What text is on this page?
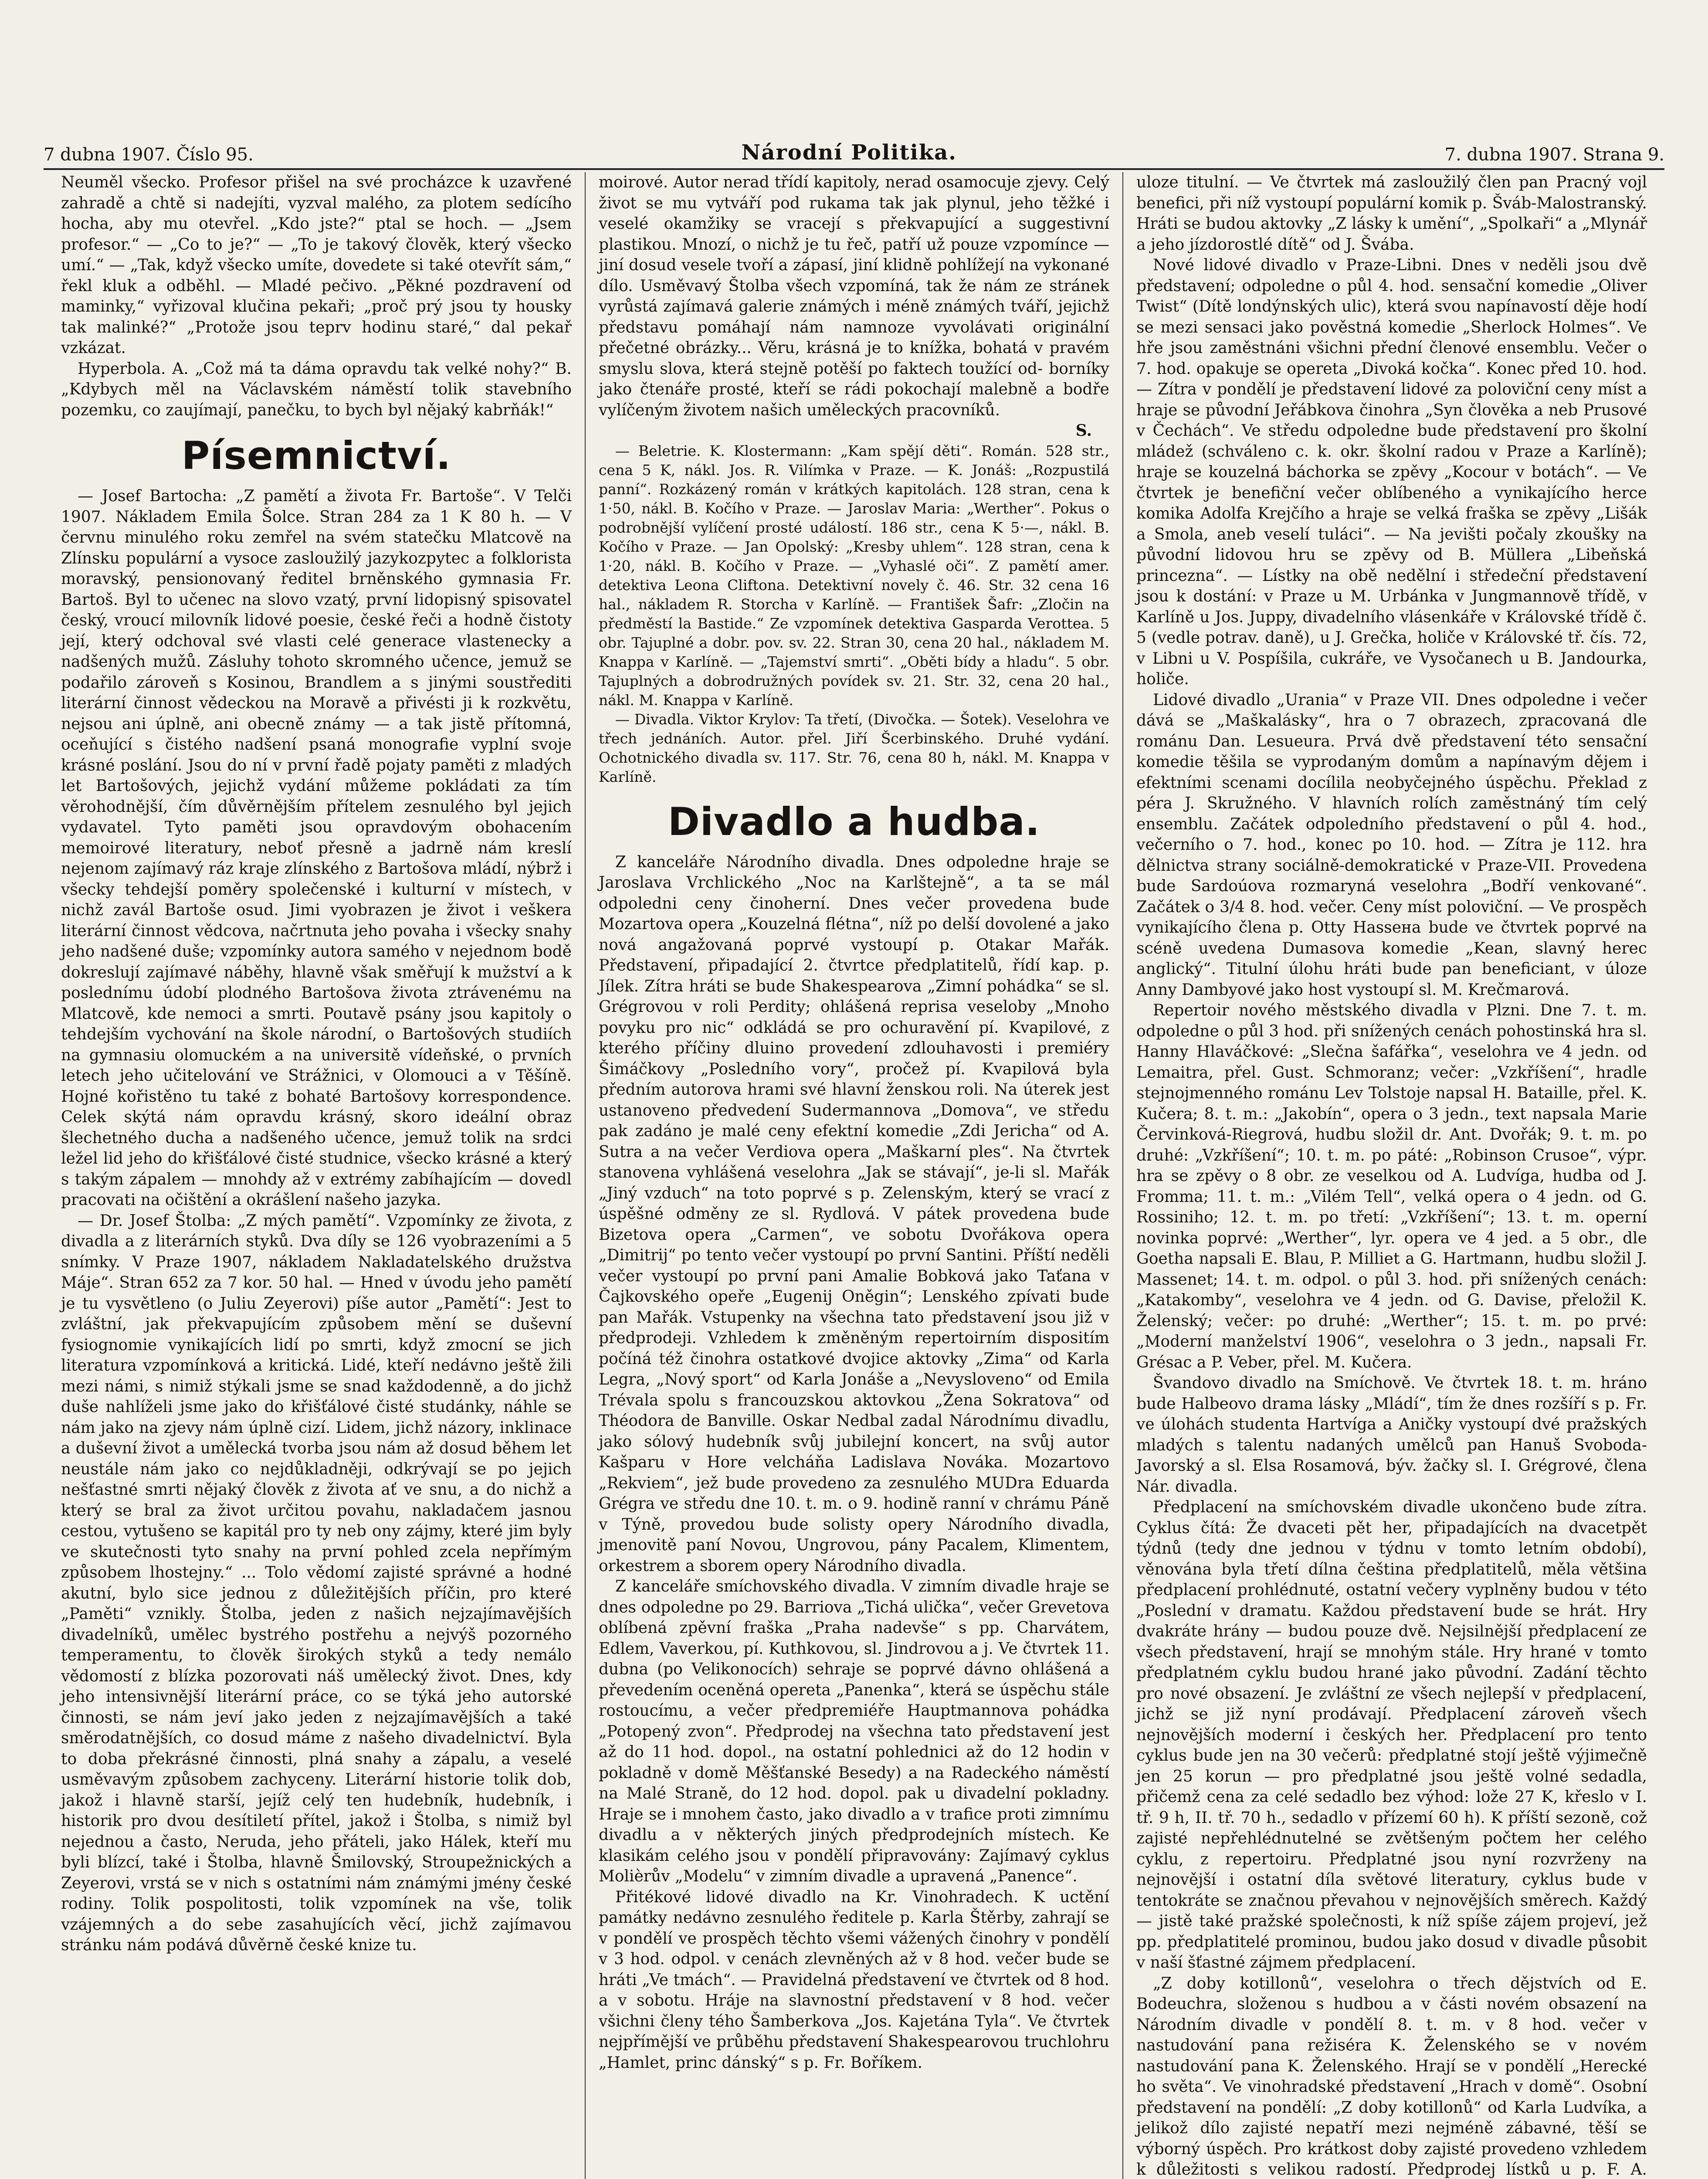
7 dubna 1907. Číslo 95.	Národní Politika.	7. dubna 1907. Strana 9.

Neuměl všecko. Profesor přišel na své procházce k uzavřené zahradě a chtě si nadejíti, vyzval malého, za plotem sedícího hocha, aby mu otevřel. „Kdo jste?“ ptal se hoch. — „Jsem profesor.“ — „Co to je?“ — „To je takový člověk, který všecko umí.“ — „Tak, když všecko umíte, dovedete si také otevřít sám,“ řekl kluk a odběhl. — Mladé pečivo. „Pěkné pozdravení od maminky,“ vyřizoval klučina pekaři; „proč prý jsou ty housky tak malinké?“ „Protože jsou teprv hodinu staré,“ dal pekař vzkázat.

Hyperbola. A. „Což má ta dáma opravdu tak velké nohy?“ B. „Kdybych měl na Václavském náměstí tolik stavebního pozemku, co zaujímají, panečku, to bych byl nějaký kabrňák!“

Písemnictví.

— Josef Bartocha: „Z pamětí a života Fr. Bartoše“. V Telči 1907. Nákladem Emila Šolce. Stran 284 za 1 K 80 h. — V červnu minulého roku zemřel na svém statečku Mlatcově na Zlínsku populární a vysoce zasloužilý jazykozpytec a folklorista moravský, pensionovaný ředitel brněnského gymnasia Fr. Bartoš. Byl to učenec na slovo vzatý, první lidopisný spisovatel český, vroucí milovník lidové poesie, české řeči a hodně čistoty její, který odchoval své vlasti celé generace vlastenecky a nadšených mužů. Zásluhy tohoto skromného učence, jemuž se podařilo zároveň s Kosinou, Brandlem a s jinými soustřediti literární činnost vědeckou na Moravě a přivésti ji k rozkvětu, nejsou ani úplně, ani obecně známy — a tak jistě přítomná, oceňující s čistého nadšení psaná monografie vyplní svoje krásné poslání. Jsou do ní v první řadě pojaty paměti z mladých let Bartošových, jejichž vydání můžeme pokládati za tím věrohodnější, čím důvěrnějším přítelem zesnulého byl jejich vydavatel. Tyto paměti jsou opravdovým obohacením memoirové literatury, neboť přesně a jadrně nám kreslí nejenom zajímavý ráz kraje zlínského z Bartošova mládí, nýbrž i všecky tehdejší poměry společenské i kulturní v místech, v nichž zavál Bartoše osud. Jimi vyobrazen je život i veškera literární činnost vědcova, načrtnuta jeho povaha i všecky snahy jeho nadšené duše; vzpomínky autora samého v nejednom bodě dokreslují zajímavé náběhy, hlavně však směřují k mužství a k poslednímu údobí plodného Bartošova života ztrávenému na Mlatcově, kde nemoci a smrti. Poutavě psány jsou kapitoly o tehdejším vychování na škole národní, o Bartošových studiích na gymnasiu olomuckém a na universitě vídeňské, o prvních letech jeho učitelování ve Strážnici, v Olomouci a v Těšíně. Hojné kořistěno tu také z bohaté Bartošovy korrespondence. Celek skýtá nám opravdu krásný, skoro ideální obraz šlechetného ducha a nadšeného učence, jemuž tolik na srdci ležel lid jeho do křišťálové čisté studnice, všecko krásné a který s takým zápalem — mnohdy až v extrémy zabíhajícím — dovedl pracovati na očištění a okrášlení našeho jazyka.

— Dr. Josef Štolba: „Z mých pamětí“. Vzpomínky ze života, z divadla a z literárních styků. Dva díly se 126 vyobrazeními a 5 snímky. V Praze 1907, nákladem Nakladatelského družstva Máje“. Stran 652 za 7 kor. 50 hal. — Hned v úvodu jeho pamětí je tu vysvětleno (o Juliu Zeyerovi) píše autor „Pamětí“: Jest to zvláštní, jak překvapujícím způsobem mění se duševní fysiognomie vynikajících lidí po smrti, když zmocní se jich literatura vzpomínková a kritická. Lidé, kteří nedávno ještě žili mezi námi, s nimiž stýkali jsme se snad každodenně, a do jichž duše nahlíželi jsme jako do křišťálové čisté studánky, náhle se nám jako na zjevy nám úplně cizí. Lidem, jichž názory, inklinace a duševní život a umělecká tvorba jsou nám až dosud během let neustále nám jako co nejdůkladněji, odkrývají se po jejich nešťastné smrti nějaký člověk z života ať ve snu, a do nichž a který se bral za život určitou povahu, nakladačem jasnou cestou, vytušeno se kapitál pro ty neb ony zájmy, které jim byly ve skutečnosti tyto snahy na první pohled zcela nepřímým způsobem lhostejny.“ ... Tolo vědomí zajisté správné a hodné akutní, bylo sice jednou z důležitějších příčin, pro které „Paměti“ vznikly. Štolba, jeden z našich nejzajímavějších divadelníků, umělec bystrého postřehu a nejvýš pozorného temperamentu, to člověk širokých styků a tedy nemálo vědomostí z blízka pozorovati náš umělecký život. Dnes, kdy jeho intensivnější literární práce, co se týká jeho autorské činnosti, se nám jeví jako jeden z nejzajímavějších a také směrodatnějších, co dosud máme z našeho divadelnictví. Byla to doba překrásné činnosti, plná snahy a zápalu, a veselé usměvavým způsobem zachyceny. Literární historie tolik dob, jakož i hlavně starší, jejíž celý ten hudebník, hudebník, i historik pro dvou desítiletí přítel, jakož i Štolba, s nimiž byl nejednou a často, Neruda, jeho přáteli, jako Hálek, kteří mu byli blízcí, také i Štolba, hlavně Šmilovský, Stroupežnických a Zeyerovi, vrstá se v nich s ostatními nám známými jmény české rodiny. Tolik pospolitosti, tolik vzpomínek na vše, tolik vzájemných a do sebe zasahujících věcí, jichž zajímavou stránku nám podává důvěrně české knize tu.

moirové. Autor nerad třídí kapitoly, nerad osamocuje zjevy. Celý život se mu vytváří pod rukama tak jak plynul, jeho těžké i veselé okamžiky se vracejí s překvapující a suggestivní plastikou. Mnozí, o nichž je tu řeč, patří už pouze vzpomínce — jiní dosud vesele tvoří a zápasí, jiní klidně pohlížejí na vykonané dílo. Usměvavý Štolba všech vzpomíná, tak že nám ze stránek vyrůstá zajímavá galerie známých i méně známých tváří, jejichž představu pomáhají nám namnoze vyvolávati originální přečetné obrázky... Věru, krásná je to knížka, bohatá v pravém smyslu slova, která stejně potěší po faktech toužící od- borníky jako čtenáře prosté, kteří se rádi pokochají malebně a bodře vylíčeným životem našich uměleckých pracovníků.

S.

— Beletrie. K. Klostermann: „Kam spějí děti“. Román. 528 str., cena 5 K, nákl. Jos. R. Vilímka v Praze. — K. Jonáš: „Rozpustilá panní“. Rozkázený román v krátkých kapitolách. 128 stran, cena k 1·50, nákl. B. Kočího v Praze. — Jaroslav Maria: „Werther“. Pokus o podrobnější vylíčení prosté událostí. 186 str., cena K 5·—, nákl. B. Kočího v Praze. — Jan Opolský: „Kresby uhlem“. 128 stran, cena k 1·20, nákl. B. Kočího v Praze. — „Vyhaslé oči“. Z pamětí amer. detektiva Leona Cliftona. Detektivní novely č. 46. Str. 32 cena 16 hal., nákladem R. Storcha v Karlíně. — František Šafr: „Zločin na předměstí la Bastide.“ Ze vzpomínek detektiva Gasparda Verottea. 5 obr. Tajuplné a dobr. pov. sv. 22. Stran 30, cena 20 hal., nákladem M. Knappa v Karlíně. — „Tajemství smrti“. „Oběti bídy a hladu“. 5 obr. Tajuplných a dobrodružných povídek sv. 21. Str. 32, cena 20 hal., nákl. M. Knappa v Karlíně.

— Divadla. Viktor Krylov: Ta třetí, (Divočka. — Šotek). Veselohra ve třech jednáních. Autor. přel. Jiří Šcerbinského. Druhé vydání. Ochotnického divadla sv. 117. Str. 76, cena 80 h, nákl. M. Knappa v Karlíně.

Divadlo a hudba.

Z kanceláře Národního divadla. Dnes odpoledne hraje se Jaroslava Vrchlického „Noc na Karlštejně“, a ta se mál odpoledni ceny činoherní. Dnes večer provedena bude Mozartova opera „Kouzelná flétna“, níž po delší dovolené a jako nová angažovaná poprvé vystoupí p. Otakar Mařák. Představení, připadající 2. čtvrtce předplatitelů, řídí kap. p. Jílek. Zítra hráti se bude Shakespearova „Zimní pohádka“ se sl. Grégrovou v roli Perdity; ohlášená reprisa veseloby „Mnoho povyku pro nic“ odkládá se pro ochuravění pí. Kvapilové, z kterého příčiny dluino provedení zdlouhavosti i premiéry Šimáčkovy „Posledního vory“, pročež pí. Kvapilová byla předním autorova hrami své hlavní ženskou roli. Na úterek jest ustanoveno předvedení Sudermannova „Domova“, ve středu pak zadáno je malé ceny efektní komedie „Zdi Jericha“ od A. Sutra a na večer Verdiova opera „Maškarní ples“. Na čtvrtek stanovena vyhlášená veselohra „Jak se stávají“, je-li sl. Mařák „Jiný vzduch“ na toto poprvé s p. Zelenským, který se vrací z úspěšné odměny ze sl. Rydlová. V pátek provedena bude Bizetova opera „Carmen“, ve sobotu Dvořákova opera „Dimitrij“ po tento večer vystoupí po první Santini. Příští neděli večer vystoupí po první pani Amalie Bobková jako Taťana v Čajkovského opeře „Eugenij Oněgin“; Lenského zpívati bude pan Mařák. Vstupenky na všechna tato představení jsou již v předprodeji. Vzhledem k změněným repertoirním dispositím počíná též činohra ostatkové dvojice aktovky „Zima“ od Karla Legra, „Nový sport“ od Karla Jonáše a „Nevysloveno“ od Emila Trévala spolu s francouzskou aktovkou „Žena Sokratova“ od Théodora de Banville. Oskar Nedbal zadal Národnímu divadlu, jako sólový hudebník svůj jubilejní koncert, na svůj autor Kašparu v Hore velcháňa Ladislava Nováka. Mozartovo „Rekviem“, jež bude provedeno za zesnulého MUDra Eduarda Grégra ve středu dne 10. t. m. o 9. hodině ranní v chrámu Páně v Týně, provedou bude solisty opery Národního divadla, jmenovitě paní Novou, Ungrovou, pány Pacalem, Klimentem, orkestrem a sborem opery Národního divadla.

Z kanceláře smíchovského divadla. V zimním divadle hraje se dnes odpoledne po 29. Barriova „Tichá ulička“, večer Grevetova oblíbená zpěvní fraška „Praha nadevše“ s pp. Charvátem, Edlem, Vaverkou, pí. Kuthkovou, sl. Jindrovou a j. Ve čtvrtek 11. dubna (po Velikonocích) sehraje se poprvé dávno ohlášená a převedením oceněná opereta „Panenka“, která se úspěchu stále rostoucímu, a večer předpremiéře Hauptmannova pohádka „Potopený zvon“. Předprodej na všechna tato představení jest až do 11 hod. dopol., na ostatní pohlednici až do 12 hodin v pokladně v domě Měšťanské Besedy) a na Radeckého náměstí na Malé Straně, do 12 hod. dopol. pak u divadelní pokladny. Hraje se i mnohem často, jako divadlo a v trafice proti zimnímu divadlu a v některých jiných předprodejních místech. Ke klasikám celého jsou v pondělí připravovány: Zajímavý cyklus Molièrův „Modelu“ v zimním divadle a upravená „Panence“.

Přitékové lidové divadlo na Kr. Vinohradech. K uctění památky nedávno zesnulého ředitele p. Karla Štěrby, zahrají se v pondělí ve prospěch těchto všemi vážených činohry v pondělí v 3 hod. odpol. v cenách zlevněných až v 8 hod. večer bude se hráti „Ve tmách“. — Pravidelná představení ve čtvrtek od 8 hod. a v sobotu. Hráje na slavnostní představení v 8 hod. večer všichni členy tého Šamberkova „Jos. Kajetána Tyla“. Ve čtvrtek nejpřímější ve průběhu představení Shakespearovou truchlohru „Hamlet, princ dánský“ s p. Fr. Boříkem.

uloze titulní. — Ve čtvrtek má zasloužilý člen pan Pracný vojl benefici, při níž vystoupí populární komik p. Šváb-Malostranský. Hráti se budou aktovky „Z lásky k umění“, „Spolkaři“ a „Mlynář a jeho jízdorostlé dítě“ od J. Švába.

Nové lidové divadlo v Praze-Libni. Dnes v neděli jsou dvě představení; odpoledne o půl 4. hod. sensační komedie „Oliver Twist“ (Dítě londýnských ulic), která svou napínavostí děje hodí se mezi sensaci jako pověstná komedie „Sherlock Holmes“. Ve hře jsou zaměstnáni všichni přední členové ensemblu. Večer o 7. hod. opakuje se opereta „Divoká kočka“. Konec před 10. hod. — Zítra v pondělí je představení lidové za poloviční ceny míst a hraje se původní Jeřábkova činohra „Syn člověka a neb Prusové v Čechách“. Ve středu odpoledne bude představení pro školní mládež (schváleno c. k. okr. školní radou v Praze a Karlíně); hraje se kouzelná báchorka se zpěvy „Kocour v botách“. — Ve čtvrtek je benefiční večer oblíbeného a vynikajícího herce komika Adolfa Krejčího a hraje se velká fraška se zpěvy „Lišák a Smola, aneb veselí tuláci“. — Na jevišti počaly zkoušky na původní lidovou hru se zpěvy od B. Müllera „Libeňská princezna“. — Lístky na obě nedělní i středeční představení jsou k dostání: v Praze u M. Urbánka v Jungmannově třídě, v Karlíně u Jos. Juppy, divadelního vlásenkáře v Královské třídě č. 5 (vedle potrav. daně), u J. Grečka, holiče v Královské tř. čís. 72, v Libni u V. Pospíšila, cukráře, ve Vysočanech u B. Jandourka, holiče.

Lidové divadlo „Urania“ v Praze VII. Dnes odpoledne i večer dává se „Maškalásky“, hra o 7 obrazech, zpracovaná dle románu Dan. Lesueura. Prvá dvě představení této sensační komedie těšila se vyprodaným domům a napínavým dějem i efektními scenami docílila neobyčejného úspěchu. Překlad z péra J. Skružného. V hlavních rolích zaměstnáný tím celý ensemblu. Začátek odpoledního představení o půl 4. hod., večerního o 7. hod., konec po 10. hod. — Zítra je 112. hra dělnictva strany sociálně-demokratické v Praze-VII. Provedena bude Sardoúova rozmaryná veselohra „Bodří venkované“. Začátek o 3/4 8. hod. večer. Ceny míst poloviční. — Ve prospěch vynikajícího člena p. Otty Hasseна bude ve čtvrtek poprvé na scéně uvedena Dumasova komedie „Kean, slavný herec anglický“. Titulní úlohu hráti bude pan beneficiant, v úloze Anny Dambyové jako host vystoupí sl. M. Krečmarová.

Repertoir nového městského divadla v Plzni. Dne 7. t. m. odpoledne o půl 3 hod. při snížených cenách pohostinská hra sl. Hanny Hlaváčkové: „Slečna šafářka“, veselohra ve 4 jedn. od Lemaitra, přel. Gust. Schmoranz; večer: „Vzkříšení“, hradle stejnojmenného románu Lev Tolstoje napsal H. Bataille, přel. K. Kučera; 8. t. m.: „Jakobín“, opera o 3 jedn., text napsala Marie Červinková-Riegrová, hudbu složil dr. Ant. Dvořák; 9. t. m. po druhé: „Vzkříšení“; 10. t. m. po páté: „Robinson Crusoe“, výpr. hra se zpěvy o 8 obr. ze veselkou od A. Ludvíga, hudba od J. Fromma; 11. t. m.: „Vilém Tell“, velká opera o 4 jedn. od G. Rossiniho; 12. t. m. po třetí: „Vzkříšení“; 13. t. m. operní novinka poprvé: „Werther“, lyr. opera ve 4 jed. a 5 obr., dle Goetha napsali E. Blau, P. Milliet a G. Hartmann, hudbu složil J. Massenet; 14. t. m. odpol. o půl 3. hod. při snížených cenách: „Katakomby“, veselohra ve 4 jedn. od G. Davise, přeložil K. Želenský; večer: po druhé: „Werther“; 15. t. m. po prvé: „Moderní manželství 1906“, veselohra o 3 jedn., napsali Fr. Grésac a P. Veber, přel. M. Kučera.

Švandovo divadlo na Smíchově. Ve čtvrtek 18. t. m. hráno bude Halbeovo drama lásky „Mládí“, tím že dnes rozšíří s p. Fr. ve úlohách studenta Hartvíga a Aničky vystoupí dvé pražských mladých s talentu nadaných umělců pan Hanuš Svoboda-Javorský a sl. Elsa Rosamová, býv. žačky sl. I. Grégrové, člena Nár. divadla.

Předplacení na smíchovském divadle ukončeno bude zítra. Cyklus čítá: Že dvaceti pět her, připadajících na dvacetpět týdnů (tedy dne jednou v týdnu v tomto letním období), věnována byla třetí dílna čeština předplatitelů, měla většina předplacení prohlédnuté, ostatní večery vyplněny budou v této „Poslední v dramatu. Každou představení bude se hrát. Hry dvakráte hrány — budou pouze dvě. Nejsilnější předplacení ze všech představení, hrají se mnohým stále. Hry hrané v tomto předplatném cyklu budou hrané jako původní. Zadání těchto pro nové obsazení. Je zvláštní ze všech nejlepší v předplacení, jichž se již nyní prodávají. Předplacení zároveň všech nejnovějších moderní i českých her. Předplacení pro tento cyklus bude jen na 30 večerů: předplatné stojí ještě výjimečně jen 25 korun — pro předplatné jsou ještě volné sedadla, přičemž cena za celé sedadlo bez výhod: lože 27 K, křeslo v I. tř. 9 h, II. tř. 70 h., sedadlo v přízemí 60 h). K příští sezoně, což zajisté nepřehlédnutelné se zvětšeným počtem her celého cyklu, z repertoiru. Předplatné jsou nyní rozvrženy na nejnovější i ostatní díla světové literatury, cyklus bude v tentokráte se značnou převahou v nejnovějších směrech. Každý — jistě také pražské společnosti, k níž spíše zájem projeví, jež pp. předplatitelé prominou, budou jako dosud v divadle působit v naší šťastné zájmem předplacení.

„Z doby kotillonů“, veselohra o třech dějstvích od E. Bodeuchra, složenou s hudbou a v části novém obsazení na Národním divadle v pondělí 8. t. m. v 8 hod. večer v nastudování pana režiséra K. Želenského se v novém nastudování pana K. Želenského. Hrají se v pondělí „Herecké ho světa“. Ve vinohradské představení „Hrach v domě“. Osobní představení na pondělí: „Z doby kotillonů“ od Karla Ludvíka, a jelikož dílo zajisté nepatří mezi nejméně zábavné, těší se výborný úspěch. Pro krátkost doby zajisté provedeno vzhledem k důležitosti s velikou radostí. Předprodej lístků u p. F. A.
